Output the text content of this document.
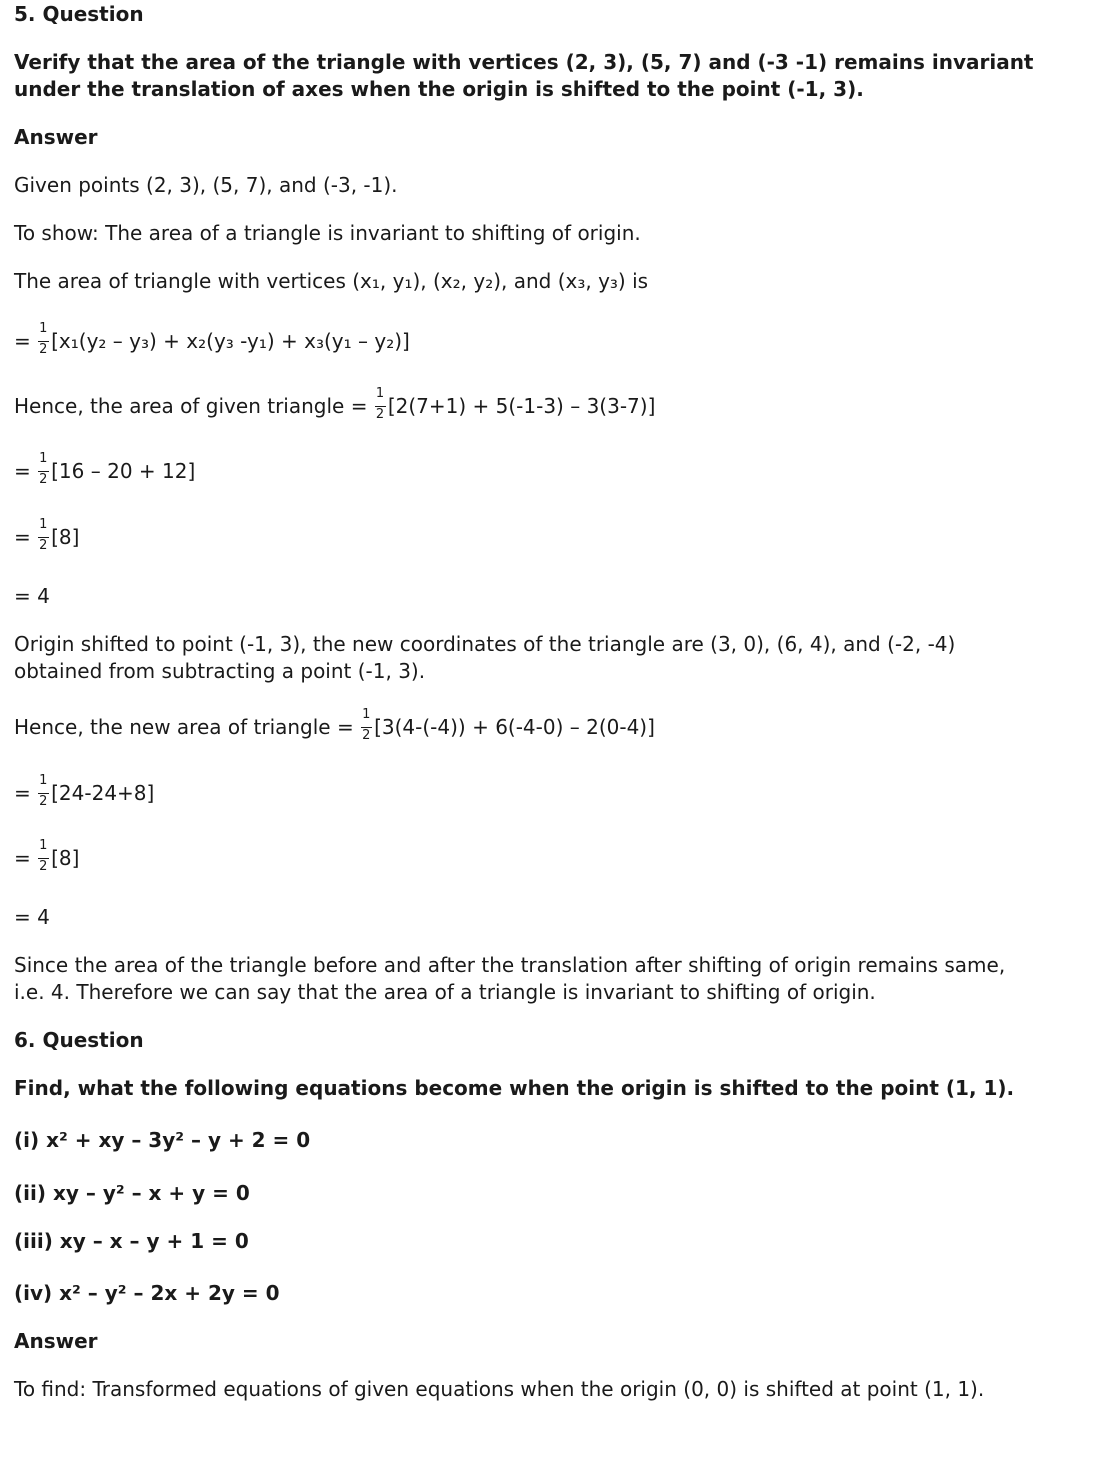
5. Question
Verify that the area of the triangle with vertices (2, 3), (5, 7) and (-3 -1) remains invariant
under the translation of axes when the origin is shifted to the point (-1, 3).
Answer
Given points (2, 3), (5, 7), and (-3, -1).
To show: The area of a triangle is invariant to shifting of origin.
The area of triangle with vertices (x₁, y₁), (x₂, y₂), and (x₃, y₃) is
= $\frac{1}{2} [x_1(y_2 - y_3) + x_2(y_3$ -y₁) + x₃(y₁ – y₂)]
Hence, the area of given triangle = $\frac{1}{2} [2(7+1) + 5(-1-3) - 3(3-7)]$
= $\frac{1}{2} [16 - 20 + 12]$
= $\frac{1}{2} [8]$
= 4
Origin shifted to point (-1, 3), the new coordinates of the triangle are (3, 0), (6, 4), and (-2, -4)
obtained from subtracting a point (-1, 3).
Hence, the new area of triangle = $\frac{1}{2} [3(4-(-4)) + 6(-4-0) - 2(0-4)]$
= $\frac{1}{2} [24-24+8]$
= $\frac{1}{2} [8]$
= 4
Since the area of the triangle before and after the translation after shifting of origin remains same,
i.e. 4. Therefore we can say that the area of a triangle is invariant to shifting of origin.
6. Question
Find, what the following equations become when the origin is shifted to the point (1, 1).
(i) x² + xy – 3y² – y + 2 = 0
(ii) xy – y² – x + y = 0
(iii) xy – x – y + 1 = 0
(iv) x² – y² – 2x + 2y = 0
Answer
To find: Transformed equations of given equations when the origin (0, 0) is shifted at point (1, 1).
